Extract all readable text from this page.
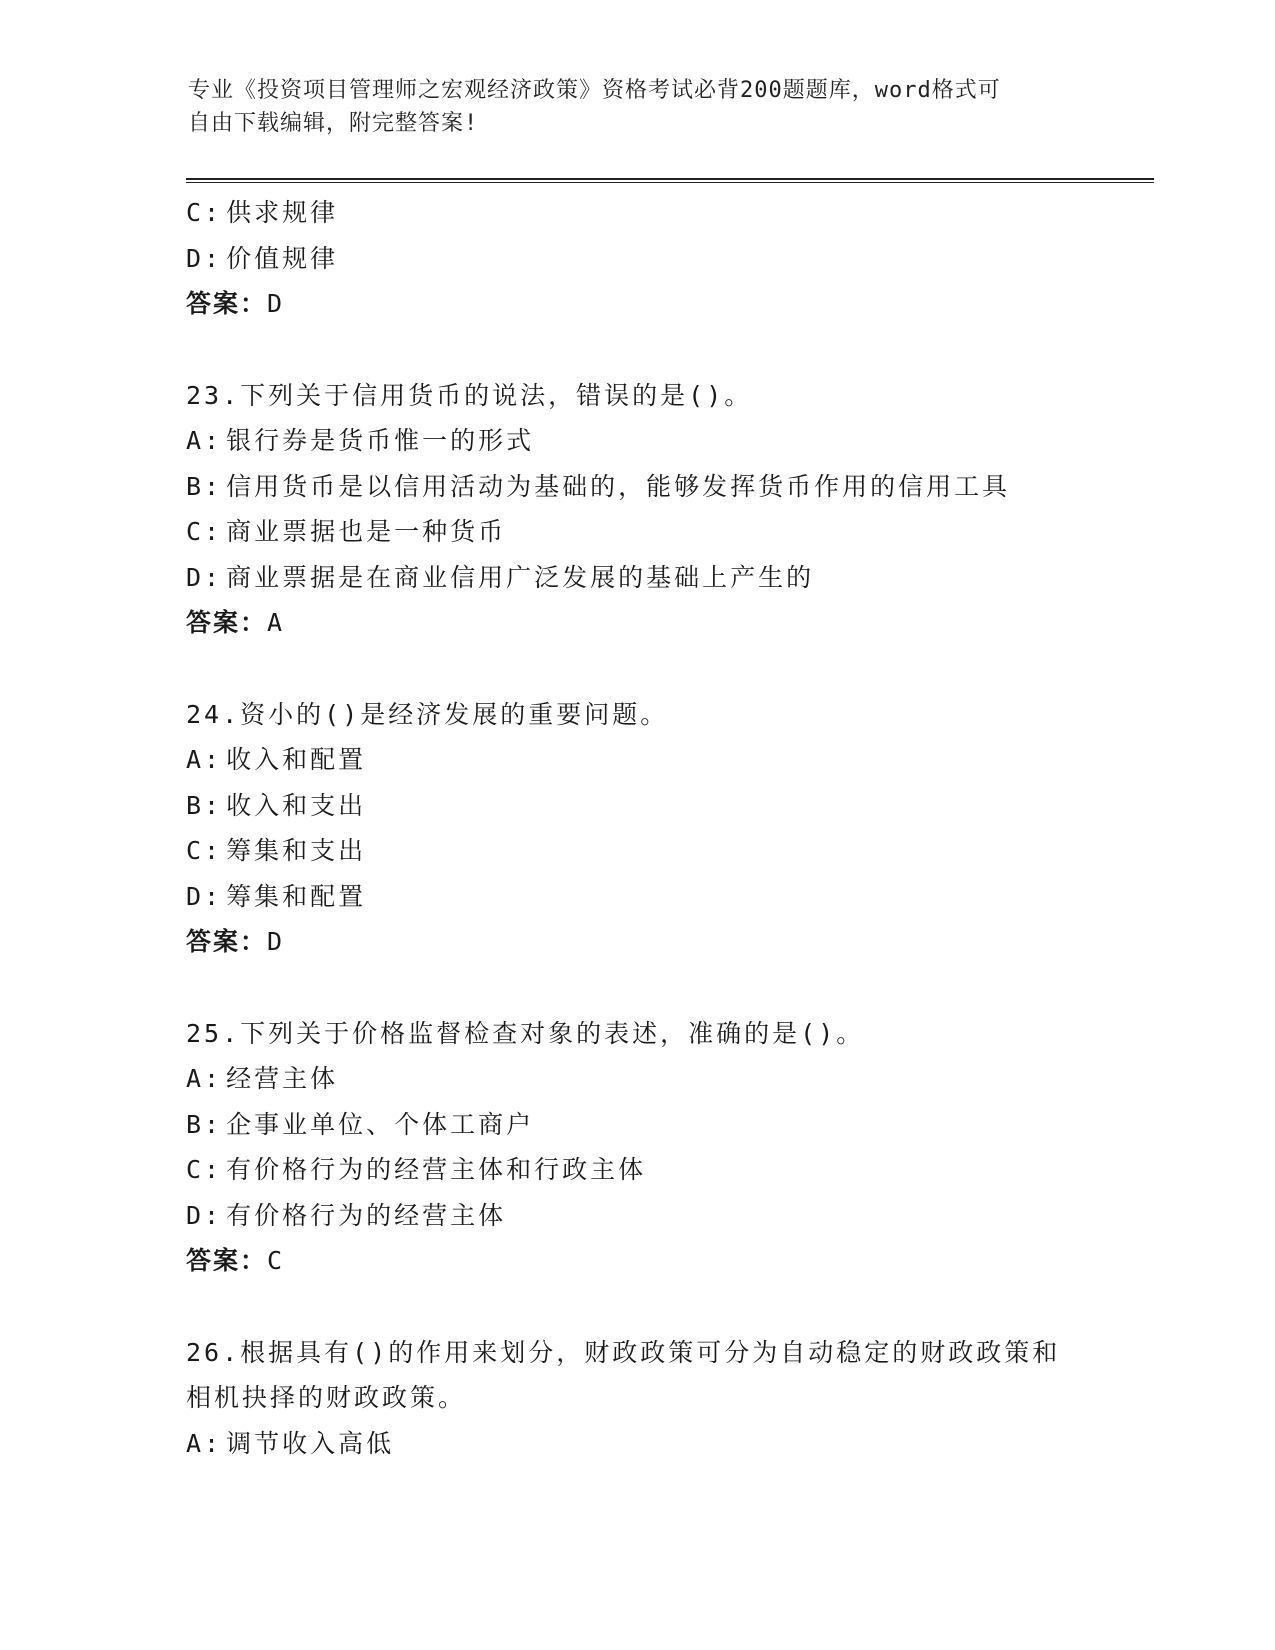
专业《投资项目管理师之宏观经济政策》资格考试必背200题题库，word格式可
自由下载编辑，附完整答案!
C: 供求规律
D: 价值规律
答案：D
23.下列关于信用货币的说法，错误的是()。
A: 银行券是货币惟一的形式
B: 信用货币是以信用活动为基础的，能够发挥货币作用的信用工具
C: 商业票据也是一种货币
D: 商业票据是在商业信用广泛发展的基础上产生的
答案：A
24.资小的()是经济发展的重要问题。
A: 收入和配置
B: 收入和支出
C: 筹集和支出
D: 筹集和配置
答案：D
25.下列关于价格监督检查对象的表述，准确的是()。
A: 经营主体
B: 企事业单位、个体工商户
C: 有价格行为的经营主体和行政主体
D: 有价格行为的经营主体
答案：C
26.根据具有()的作用来划分，财政政策可分为自动稳定的财政政策和
相机抉择的财政政策。
A: 调节收入高低
